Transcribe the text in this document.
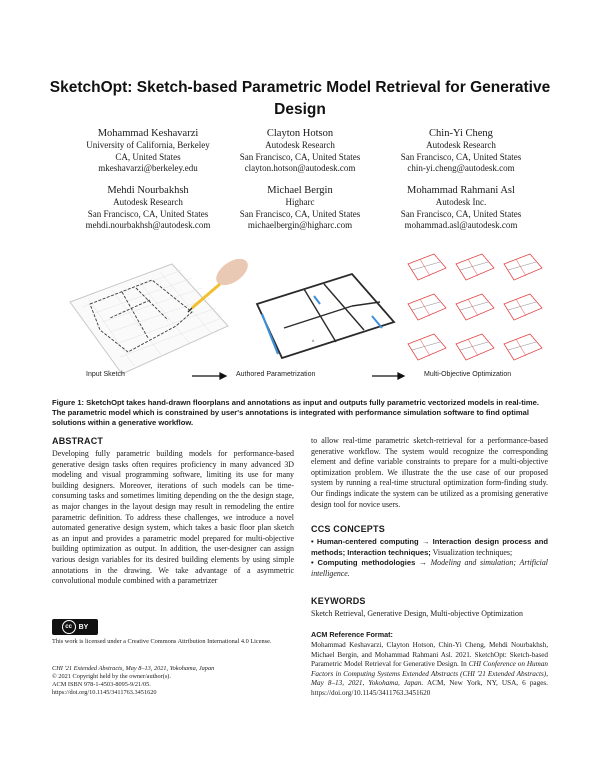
SketchOpt: Sketch-based Parametric Model Retrieval for Generative Design
Mohammad Keshavarzi
University of California, Berkeley
CA, United States
mkeshavarzi@berkeley.edu
Clayton Hotson
Autodesk Research
San Francisco, CA, United States
clayton.hotson@autodesk.com
Chin-Yi Cheng
Autodesk Research
San Francisco, CA, United States
chin-yi.cheng@autodesk.com
Mehdi Nourbakhsh
Autodesk Research
San Francisco, CA, United States
mehdi.nourbakhsh@autodesk.com
Michael Bergin
Higharc
San Francisco, CA, United States
michaelbergin@higharc.com
Mohammad Rahmani Asl
Autodesk Inc.
San Francisco, CA, United States
mohammad.asl@autodesk.com
#
Input Sketch	Authored Parametrization	Multi-Objective Optimization
Figure 1: SketchOpt takes hand-drawn floorplans and annotations as input and outputs fully parametric vectorized models in real-time. The parametric model which is constrained by user's annotations is integrated with performance simulation software to find optimal solutions within a generative workflow.
ABSTRACT
Developing fully parametric building models for performance-based generative design tasks often requires proficiency in many advanced 3D modeling and visual programming software, limiting its use for many building designers. Moreover, iterations of such models can be time-consuming tasks and sometimes limiting depending on the the design stage, as major changes in the layout design may result in remodeling the entire parametric definition. To address these challenges, we introduce a novel automated generative design system, which takes a basic floor plan sketch as an input and provides a parametric model prepared for multi-objective building optimization as output. In addition, the user-designer can assign various design variables for its desired building elements by using simple annotations in the drawing. We take advantage of a asymmetric convolutional module combined with a parametrizer
cc BY
This work is licensed under a Creative Commons Attribution International 4.0 License.
CHI '21 Extended Abstracts, May 8–13, 2021, Yokohama, Japan
© 2021 Copyright held by the owner/author(s).
ACM ISBN 978-1-4503-8095-9/21/05.
https://doi.org/10.1145/3411763.3451620
to allow real-time parametric sketch-retrieval for a performance-based generative workflow. The system would recognize the corresponding element and define variable constraints to prepare for a multi-objective optimization problem. We illustrate the the use case of our proposed system by running a real-time structural optimization form-finding study. Our findings indicate the system can be utilized as a promising generative design tool for novice users.
CCS CONCEPTS
• Human-centered computing → Interaction design process and methods; Interaction techniques; Visualization techniques;
• Computing methodologies → Modeling and simulation; Artificial intelligence.
KEYWORDS
Sketch Retrieval, Generative Design, Multi-objective Optimization
ACM Reference Format:
Mohammad Keshavarzi, Clayton Hotson, Chin-Yi Cheng, Mehdi Nourbakhsh, Michael Bergin, and Mohammad Rahmani Asl. 2021. SketchOpt: Sketch-based Parametric Model Retrieval for Generative Design. In CHI Conference on Human Factors in Computing Systems Extended Abstracts (CHI '21 Extended Abstracts), May 8–13, 2021, Yokohama, Japan. ACM, New York, NY, USA, 6 pages. https://doi.org/10.1145/3411763.3451620
